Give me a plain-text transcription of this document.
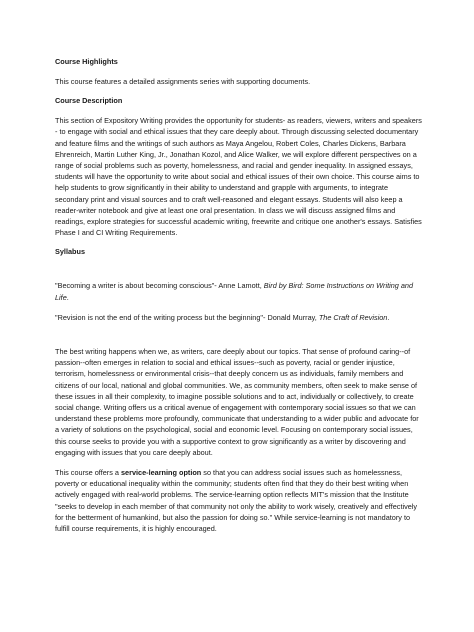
Course Highlights

This course features a detailed assignments series with supporting documents.

Course Description

This section of Expository Writing provides the opportunity for students- as readers, viewers, writers and speakers - to engage with social and ethical issues that they care deeply about. Through discussing selected documentary and feature films and the writings of such authors as Maya Angelou, Robert Coles, Charles Dickens, Barbara Ehrenreich, Martin Luther King, Jr., Jonathan Kozol, and Alice Walker, we will explore different perspectives on a range of social problems such as poverty, homelessness, and racial and gender inequality. In assigned essays, students will have the opportunity to write about social and ethical issues of their own choice. This course aims to help students to grow significantly in their ability to understand and grapple with arguments, to integrate secondary print and visual sources and to craft well-reasoned and elegant essays. Students will also keep a reader-writer notebook and give at least one oral presentation. In class we will discuss assigned films and readings, explore strategies for successful academic writing, freewrite and critique one another's essays. Satisfies Phase I and CI Writing Requirements.

Syllabus

"Becoming a writer is about becoming conscious"- Anne Lamott, Bird by Bird: Some Instructions on Writing and Life.

"Revision is not the end of the writing process but the beginning"- Donald Murray, The Craft of Revision.

The best writing happens when we, as writers, care deeply about our topics. That sense of profound caring--of passion--often emerges in relation to social and ethical issues--such as poverty, racial or gender injustice, terrorism, homelessness or environmental crisis--that deeply concern us as individuals, family members and citizens of our local, national and global communities. We, as community members, often seek to make sense of these issues in all their complexity, to imagine possible solutions and to act, individually or collectively, to create social change. Writing offers us a critical avenue of engagement with contemporary social issues so that we can understand these problems more profoundly, communicate that understanding to a wider public and advocate for a variety of solutions on the psychological, social and economic level. Focusing on contemporary social issues, this course seeks to provide you with a supportive context to grow significantly as a writer by discovering and engaging with issues that you care deeply about.

This course offers a service-learning option so that you can address social issues such as homelessness, poverty or educational inequality within the community; students often find that they do their best writing when actively engaged with real-world problems. The service-learning option reflects MIT's mission that the Institute "seeks to develop in each member of that community not only the ability to work wisely, creatively and effectively for the betterment of humankind, but also the passion for doing so." While service-learning is not mandatory to fulfill course requirements, it is highly encouraged.
